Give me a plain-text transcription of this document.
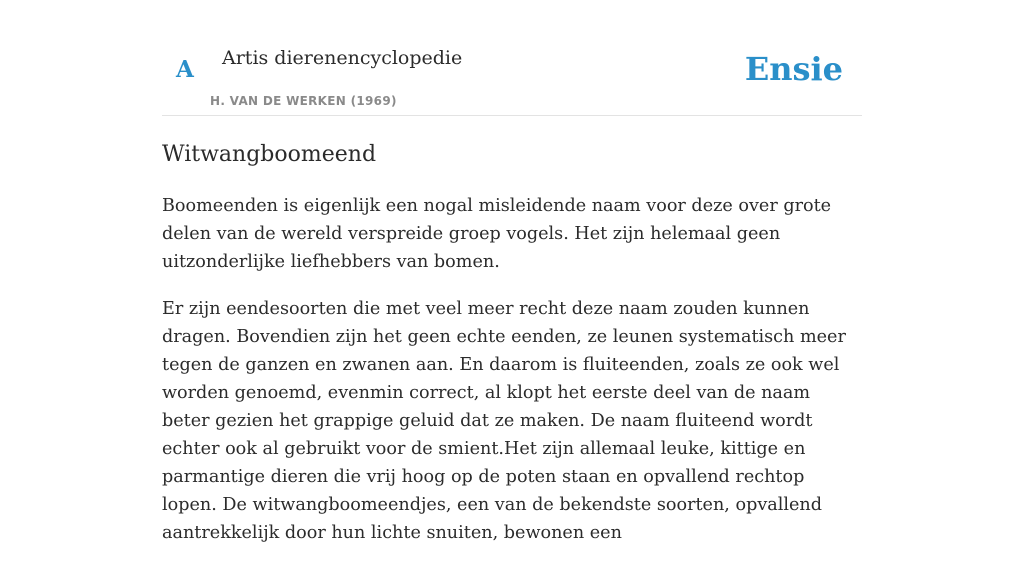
A Artis dierenencyclopedie
H. VAN DE WERKEN (1969)
Ensie
Witwangboomeend

Boomeenden is eigenlijk een nogal misleidende naam voor deze over grote delen van de wereld verspreide groep vogels. Het zijn helemaal geen uitzonderlijke liefhebbers van bomen.

Er zijn eendesoorten die met veel meer recht deze naam zouden kunnen dragen. Bovendien zijn het geen echte eenden, ze leunen systematisch meer tegen de ganzen en zwanen aan. En daarom is fluiteenden, zoals ze ook wel worden genoemd, evenmin correct, al klopt het eerste deel van de naam beter gezien het grappige geluid dat ze maken. De naam fluiteend wordt echter ook al gebruikt voor de smient.Het zijn allemaal leuke, kittige en parmantige dieren die vrij hoog op de poten staan en opvallend rechtop lopen. De witwangboomeendjes, een van de bekendste soorten, opvallend aantrekkelijk door hun lichte snuiten, bewonen een
